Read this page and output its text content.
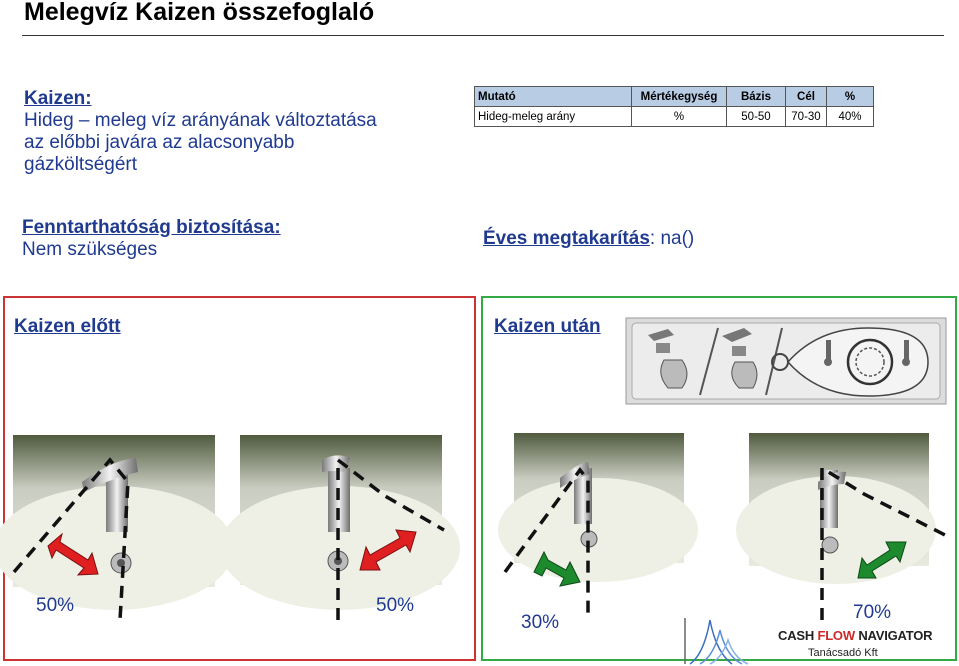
Melegvíz Kaizen összefoglaló
Kaizen:
Hideg – meleg víz arányának változtatása
az előbbi javára az alacsonyabb
gázköltségért
Fenntarthatóság biztosítása:
Nem szükséges
Mutató	Mértékegység	Bázis	Cél	%
Hideg-meleg arány	%	50-50	70-30	40%
Éves megtakarítás: na()
Kaizen előtt	Kaizen után
50%	50%
30%	70%
CASH FLOW NAVIGATOR
Tanácsadó Kft
